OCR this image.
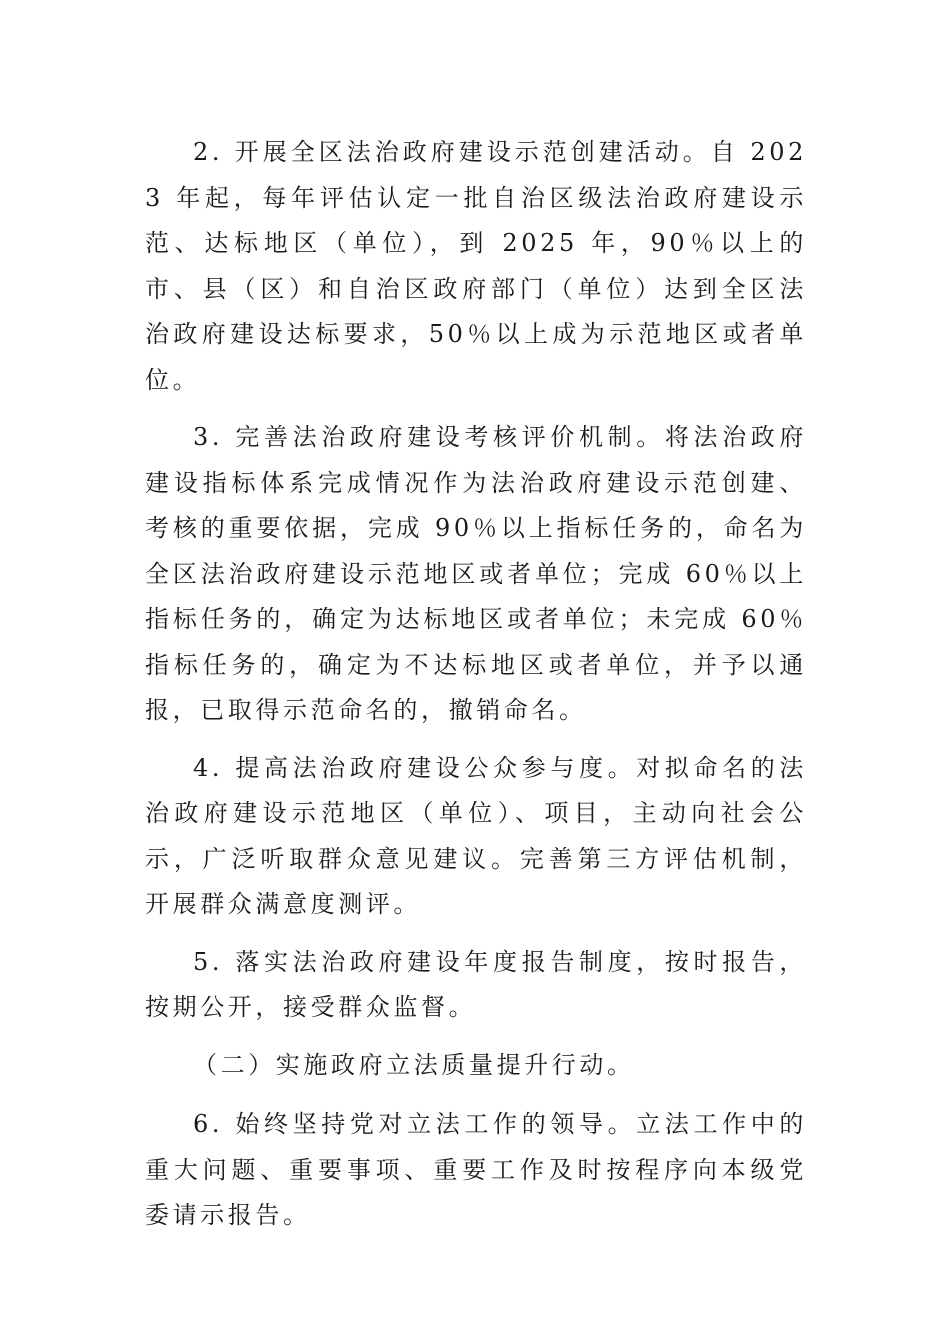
2. 开展全区法治政府建设示范创建活动。自 2023 年起，每年评估认定一批自治区级法治政府建设示范、达标地区（单位），到 2025 年，90％以上的市、县（区）和自治区政府部门（单位）达到全区法治政府建设达标要求，50％以上成为示范地区或者单位。

3. 完善法治政府建设考核评价机制。将法治政府建设指标体系完成情况作为法治政府建设示范创建、考核的重要依据，完成 90％以上指标任务的，命名为全区法治政府建设示范地区或者单位；完成 60％以上指标任务的，确定为达标地区或者单位；未完成 60％指标任务的，确定为不达标地区或者单位，并予以通报，已取得示范命名的，撤销命名。

4. 提高法治政府建设公众参与度。对拟命名的法治政府建设示范地区（单位）、项目，主动向社会公示，广泛听取群众意见建议。完善第三方评估机制，开展群众满意度测评。

5. 落实法治政府建设年度报告制度，按时报告，按期公开，接受群众监督。

（二）实施政府立法质量提升行动。

6. 始终坚持党对立法工作的领导。立法工作中的重大问题、重要事项、重要工作及时按程序向本级党委请示报告。
